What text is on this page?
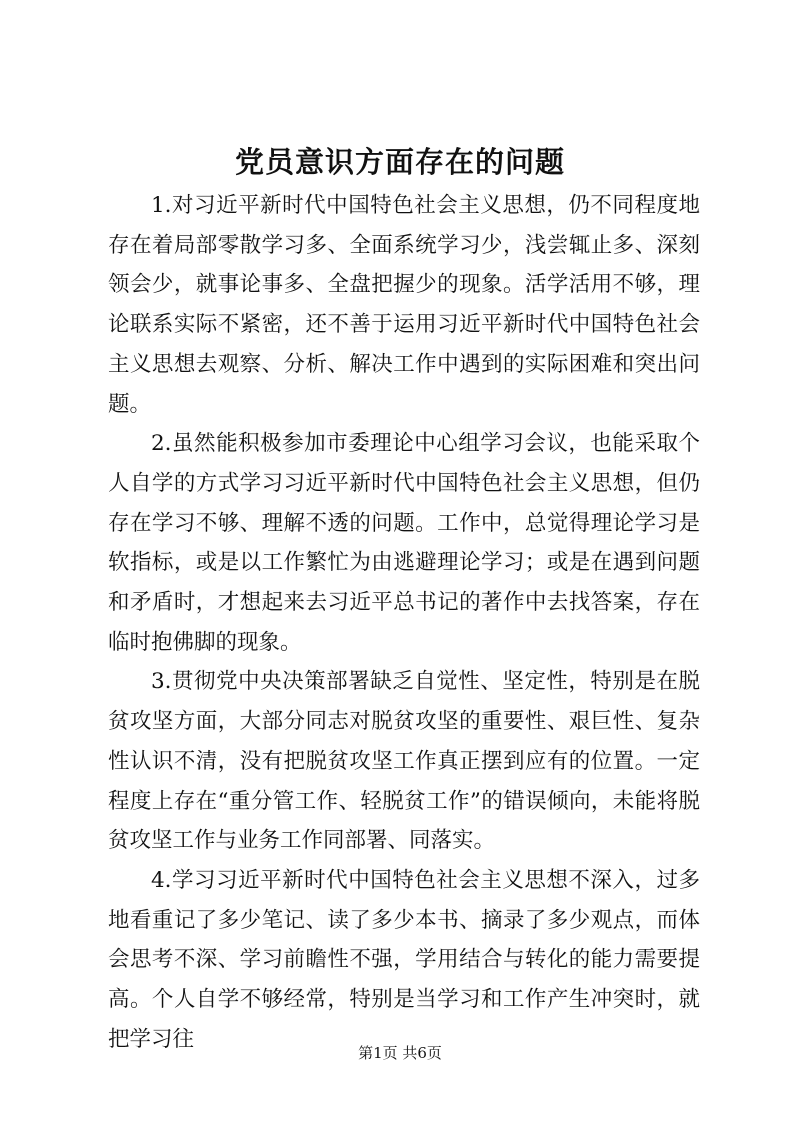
党员意识方面存在的问题

1.对习近平新时代中国特色社会主义思想，仍不同程度地存在着局部零散学习多、全面系统学习少，浅尝辄止多、深刻领会少，就事论事多、全盘把握少的现象。活学活用不够，理论联系实际不紧密，还不善于运用习近平新时代中国特色社会主义思想去观察、分析、解决工作中遇到的实际困难和突出问题。

2.虽然能积极参加市委理论中心组学习会议，也能采取个人自学的方式学习习近平新时代中国特色社会主义思想，但仍存在学习不够、理解不透的问题。工作中，总觉得理论学习是软指标，或是以工作繁忙为由逃避理论学习；或是在遇到问题和矛盾时，才想起来去习近平总书记的著作中去找答案，存在临时抱佛脚的现象。

3.贯彻党中央决策部署缺乏自觉性、坚定性，特别是在脱贫攻坚方面，大部分同志对脱贫攻坚的重要性、艰巨性、复杂性认识不清，没有把脱贫攻坚工作真正摆到应有的位置。一定程度上存在“重分管工作、轻脱贫工作”的错误倾向，未能将脱贫攻坚工作与业务工作同部署、同落实。

4.学习习近平新时代中国特色社会主义思想不深入，过多地看重记了多少笔记、读了多少本书、摘录了多少观点，而体会思考不深、学习前瞻性不强，学用结合与转化的能力需要提高。个人自学不够经常，特别是当学习和工作产生冲突时，就把学习往

第1页 共6页
